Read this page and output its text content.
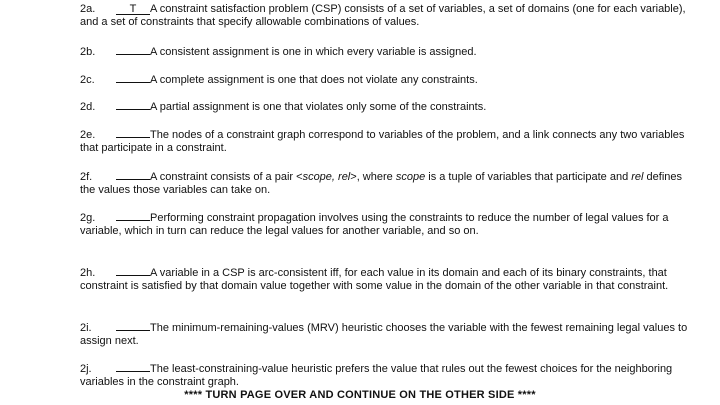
2a.	T A constraint satisfaction problem (CSP) consists of a set of variables, a set of domains (one for each variable), and a set of constraints that specify allowable combinations of values.
2b.	A consistent assignment is one in which every variable is assigned.
2c.	A complete assignment is one that does not violate any constraints.
2d.	A partial assignment is one that violates only some of the constraints.
2e.	The nodes of a constraint graph correspond to variables of the problem, and a link connects any two variables that participate in a constraint.
2f.	A constraint consists of a pair <scope, rel>, where scope is a tuple of variables that participate and rel defines the values those variables can take on.
2g.	Performing constraint propagation involves using the constraints to reduce the number of legal values for a variable, which in turn can reduce the legal values for another variable, and so on.
2h.	A variable in a CSP is arc-consistent iff, for each value in its domain and each of its binary constraints, that constraint is satisfied by that domain value together with some value in the domain of the other variable in that constraint.
2i.	The minimum-remaining-values (MRV) heuristic chooses the variable with the fewest remaining legal values to assign next.
2j.	The least-constraining-value heuristic prefers the value that rules out the fewest choices for the neighboring variables in the constraint graph.
**** TURN PAGE OVER AND CONTINUE ON THE OTHER SIDE ****
